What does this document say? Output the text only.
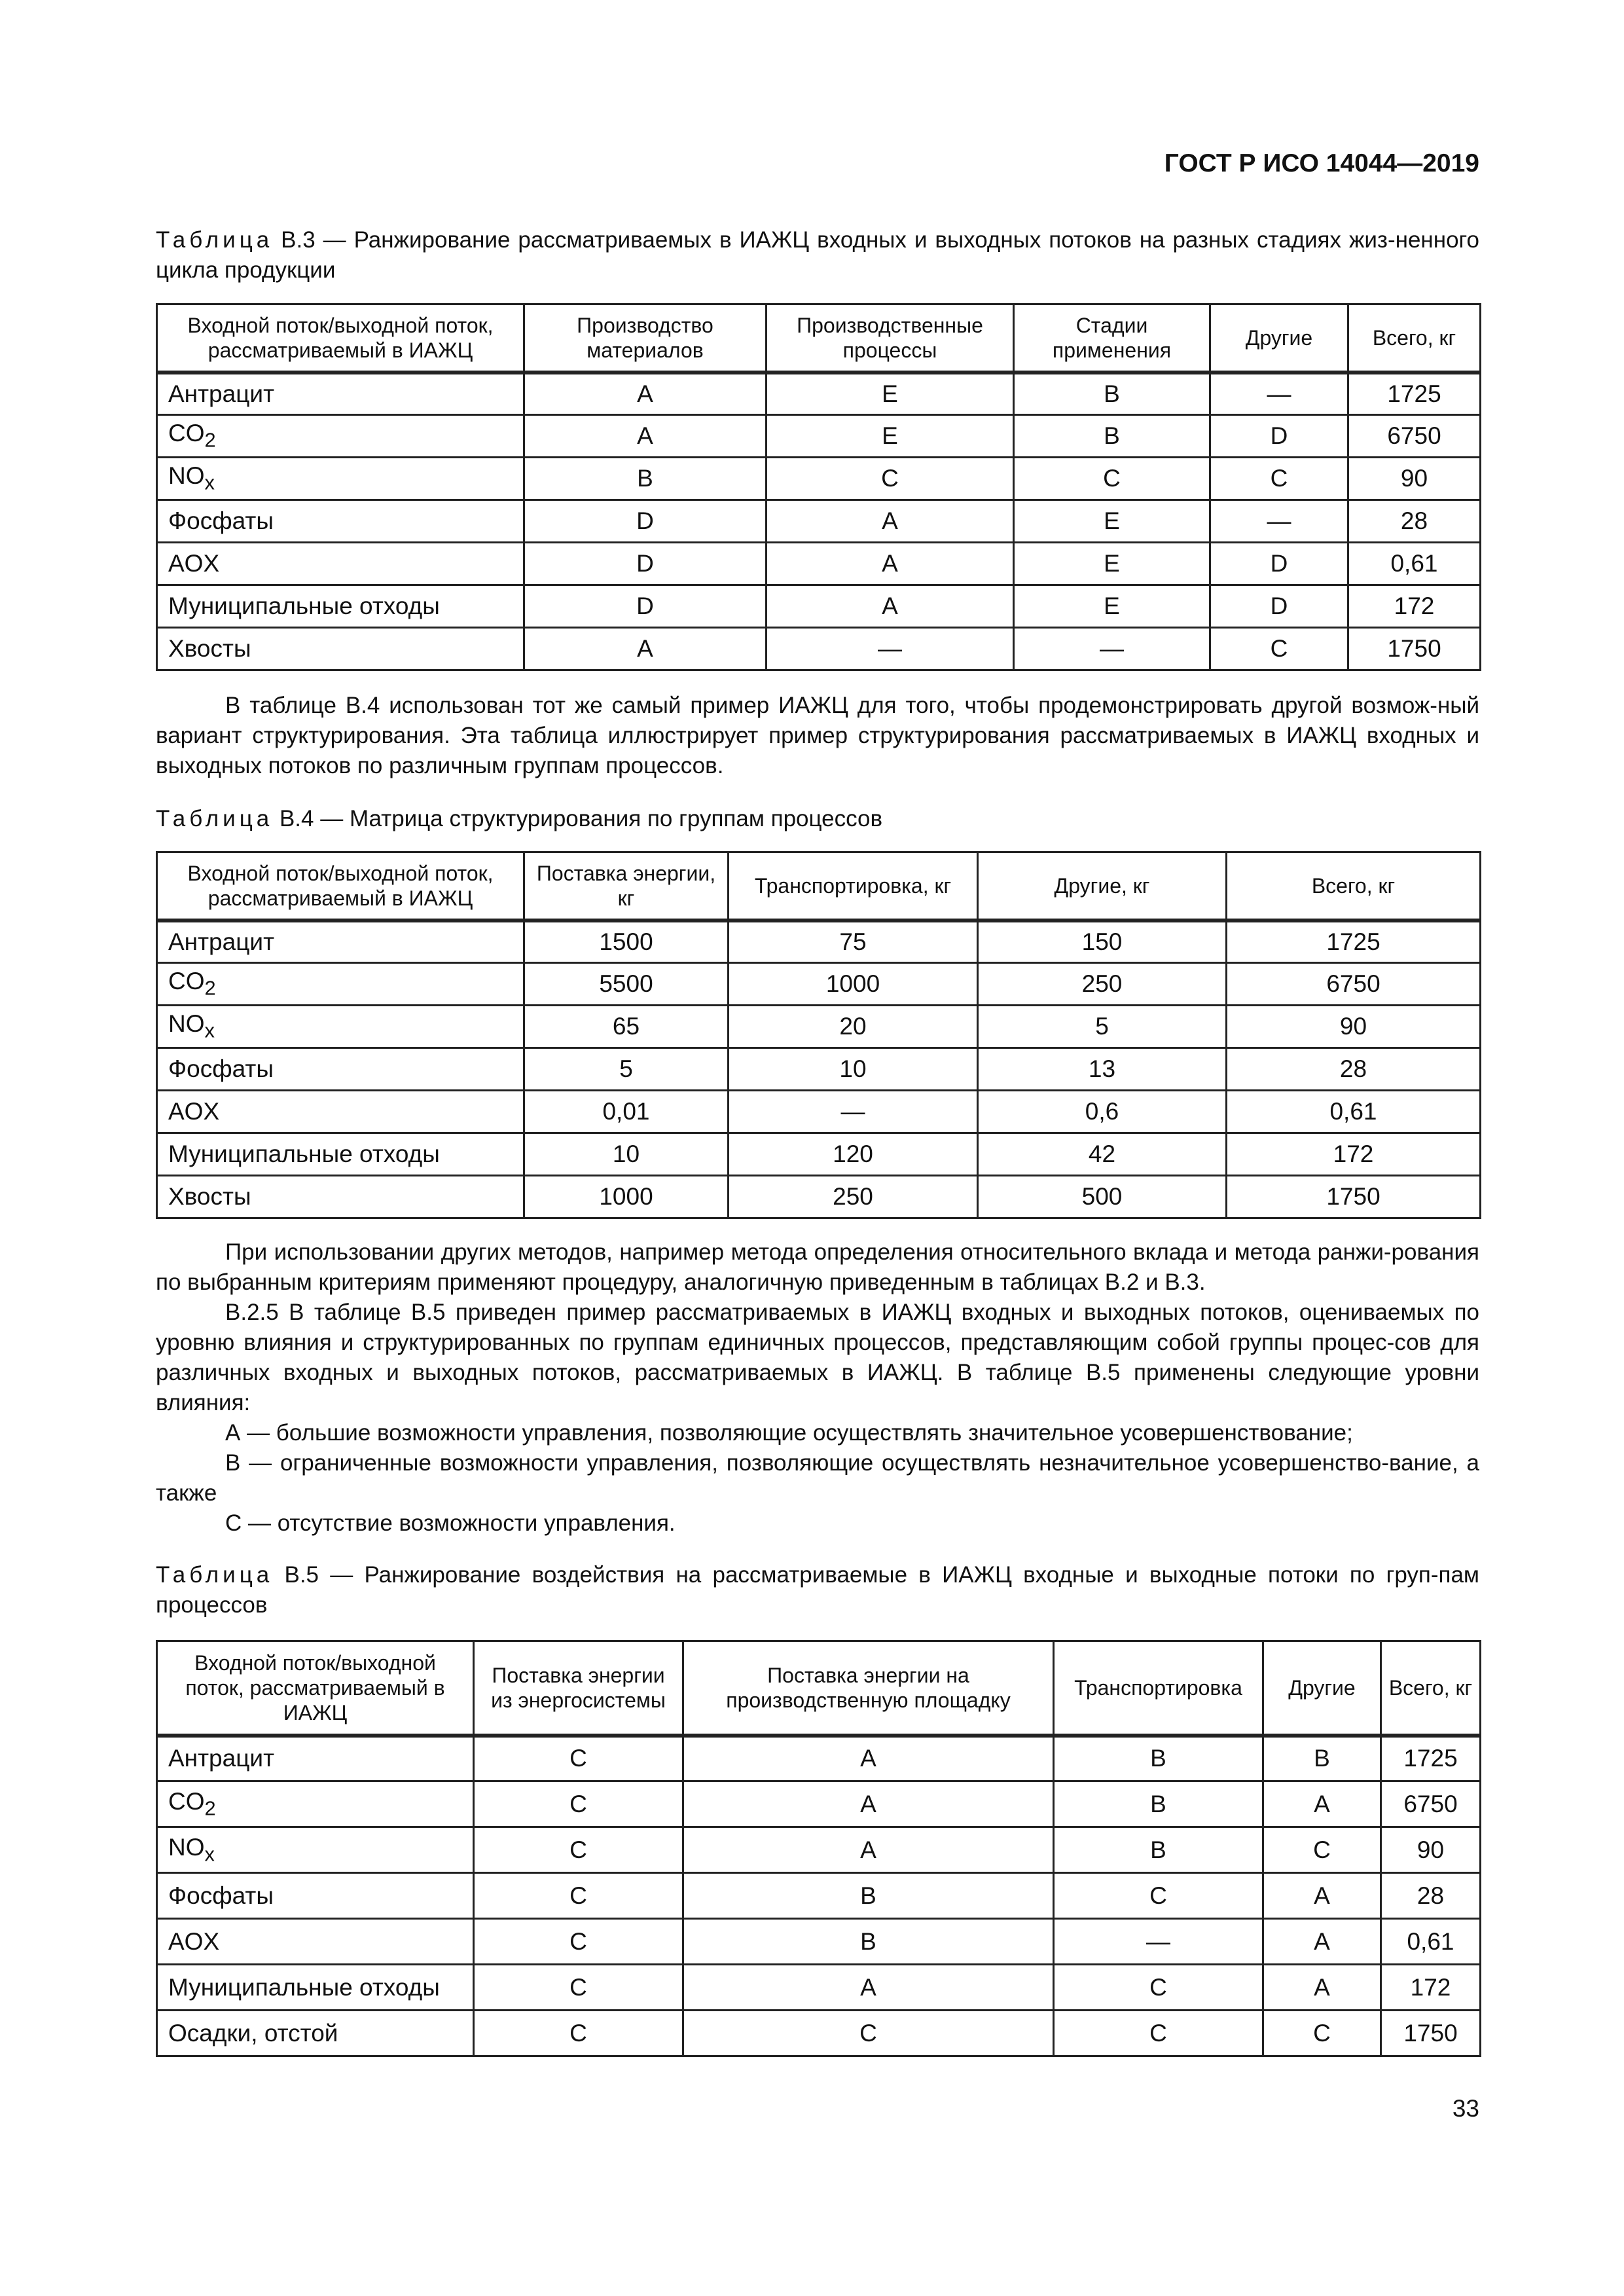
ГОСТ Р ИСО 14044—2019
Таблица В.3 — Ранжирование рассматриваемых в ИАЖЦ входных и выходных потоков на разных стадиях жиз-ненного цикла продукции
Входной поток/выходной поток, рассматриваемый в ИАЖЦ	Производство материалов	Производственные процессы	Стадии применения	Другие	Всего, кг
Антрацит	A	E	B	—	1725
$CO_2$	A	E	B	D	6750
$NO_x$	B	C	C	C	90
Фосфаты	D	A	E	—	28
AOX	D	A	E	D	0,61
Муниципальные отходы	D	A	E	D	172
Хвосты	A	—	—	C	1750

В таблице В.4 использован тот же самый пример ИАЖЦ для того, чтобы продемонстрировать другой возмож-ный вариант структурирования. Эта таблица иллюстрирует пример структурирования рассматриваемых в ИАЖЦ входных и выходных потоков по различным группам процессов.

Таблица В.4 — Матрица структурирования по группам процессов
Входной поток/выходной поток, рассматриваемый в ИАЖЦ	Поставка энергии, кг	Транспортировка, кг	Другие, кг	Всего, кг
Антрацит	1500	75	150	1725
$CO_2$	5500	1000	250	6750
$NO_x$	65	20	5	90
Фосфаты	5	10	13	28
AOX	0,01	—	0,6	0,61
Муниципальные отходы	10	120	42	172
Хвосты	1000	250	500	1750

При использовании других методов, например метода определения относительного вклада и метода ранжи-рования по выбранным критериям применяют процедуру, аналогичную приведенным в таблицах В.2 и В.3.

В.2.5 В таблице В.5 приведен пример рассматриваемых в ИАЖЦ входных и выходных потоков, оцениваемых по уровню влияния и структурированных по группам единичных процессов, представляющим собой группы процес-сов для различных входных и выходных потоков, рассматриваемых в ИАЖЦ. В таблице В.5 применены следующие уровни влияния:

А — большие возможности управления, позволяющие осуществлять значительное усовершенствование;

В — ограниченные возможности управления, позволяющие осуществлять незначительное усовершенство-вание, а также

С — отсутствие возможности управления.

Таблица В.5 — Ранжирование воздействия на рассматриваемые в ИАЖЦ входные и выходные потоки по груп-пам процессов
Входной поток/выходной поток, рассматриваемый в ИАЖЦ	Поставка энергии из энергосистемы	Поставка энергии на производственную площадку	Транспортировка	Другие	Всего, кг
Антрацит	C	A	B	B	1725
$CO_2$	C	A	B	A	6750
$NO_x$	C	A	B	C	90
Фосфаты	C	B	C	A	28
AOX	C	B	—	A	0,61
Муниципальные отходы	C	A	C	A	172
Осадки, отстой	C	C	C	C	1750
33
